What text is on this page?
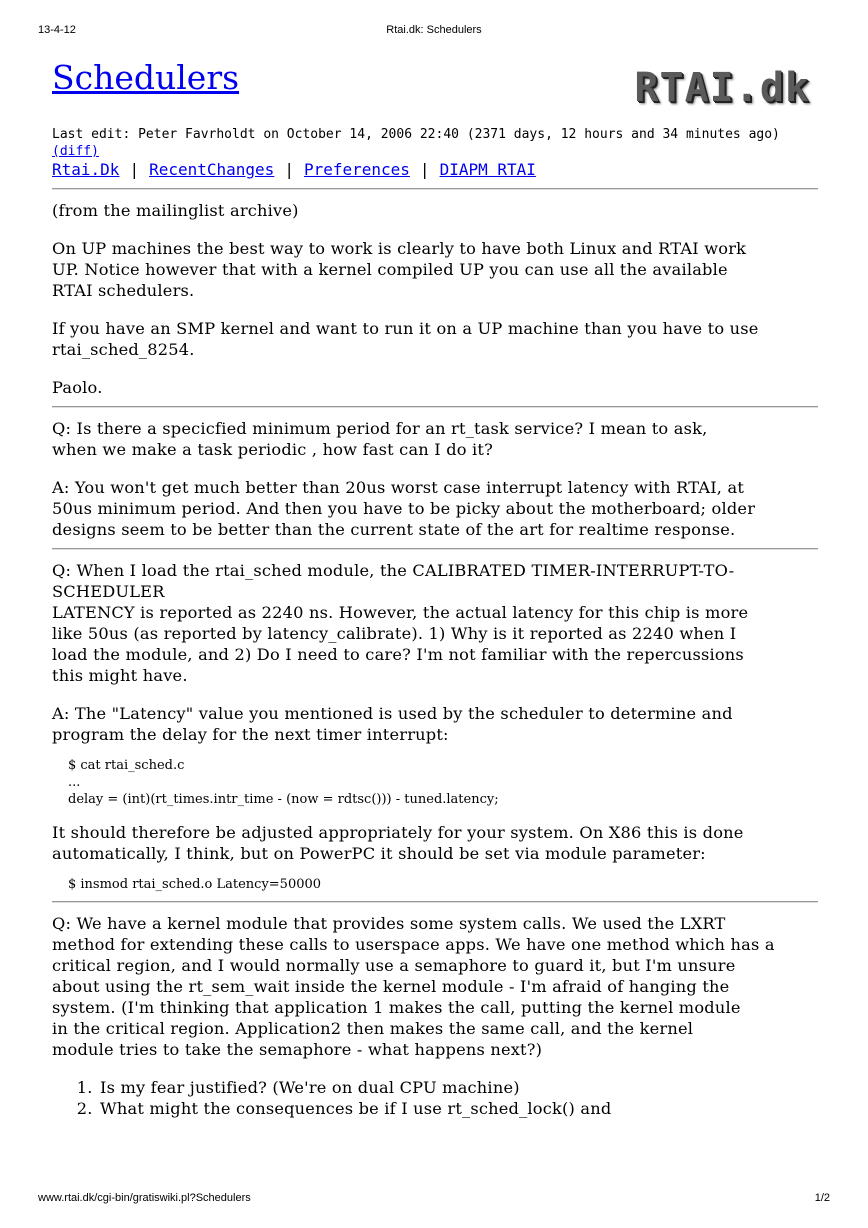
13-4-12	Rtai.dk: Schedulers
Schedulers	RTAI.dk
Last edit: Peter Favrholdt on October 14, 2006 22:40 (2371 days, 12 hours and 34 minutes ago)
(diff)
Rtai.Dk | RecentChanges | Preferences | DIAPM RTAI

(from the mailinglist archive)

On UP machines the best way to work is clearly to have both Linux and RTAI work
UP. Notice however that with a kernel compiled UP you can use all the available
RTAI schedulers.

If you have an SMP kernel and want to run it on a UP machine than you have to use
rtai_sched_8254.

Paolo.

Q: Is there a specicfied minimum period for an rt_task service? I mean to ask,
when we make a task periodic , how fast can I do it?

A: You won't get much better than 20us worst case interrupt latency with RTAI, at
50us minimum period. And then you have to be picky about the motherboard; older
designs seem to be better than the current state of the art for realtime response.

Q: When I load the rtai_sched module, the CALIBRATED TIMER-INTERRUPT-TO-SCHEDULER
LATENCY is reported as 2240 ns. However, the actual latency for this chip is more
like 50us (as reported by latency_calibrate). 1) Why is it reported as 2240 when I
load the module, and 2) Do I need to care? I'm not familiar with the repercussions
this might have.

A: The "Latency" value you mentioned is used by the scheduler to determine and
program the delay for the next timer interrupt:

$ cat rtai_sched.c
...
delay = (int)(rt_times.intr_time - (now = rdtsc())) - tuned.latency;

It should therefore be adjusted appropriately for your system. On X86 this is done
automatically, I think, but on PowerPC it should be set via module parameter:

$ insmod rtai_sched.o Latency=50000

Q: We have a kernel module that provides some system calls. We used the LXRT
method for extending these calls to userspace apps. We have one method which has a
critical region, and I would normally use a semaphore to guard it, but I'm unsure
about using the rt_sem_wait inside the kernel module - I'm afraid of hanging the
system. (I'm thinking that application 1 makes the call, putting the kernel module
in the critical region. Application2 then makes the same call, and the kernel
module tries to take the semaphore - what happens next?)

1. Is my fear justified? (We're on dual CPU machine)
2. What might the consequences be if I use rt_sched_lock() and
www.rtai.dk/cgi-bin/gratiswiki.pl?Schedulers	1/2
